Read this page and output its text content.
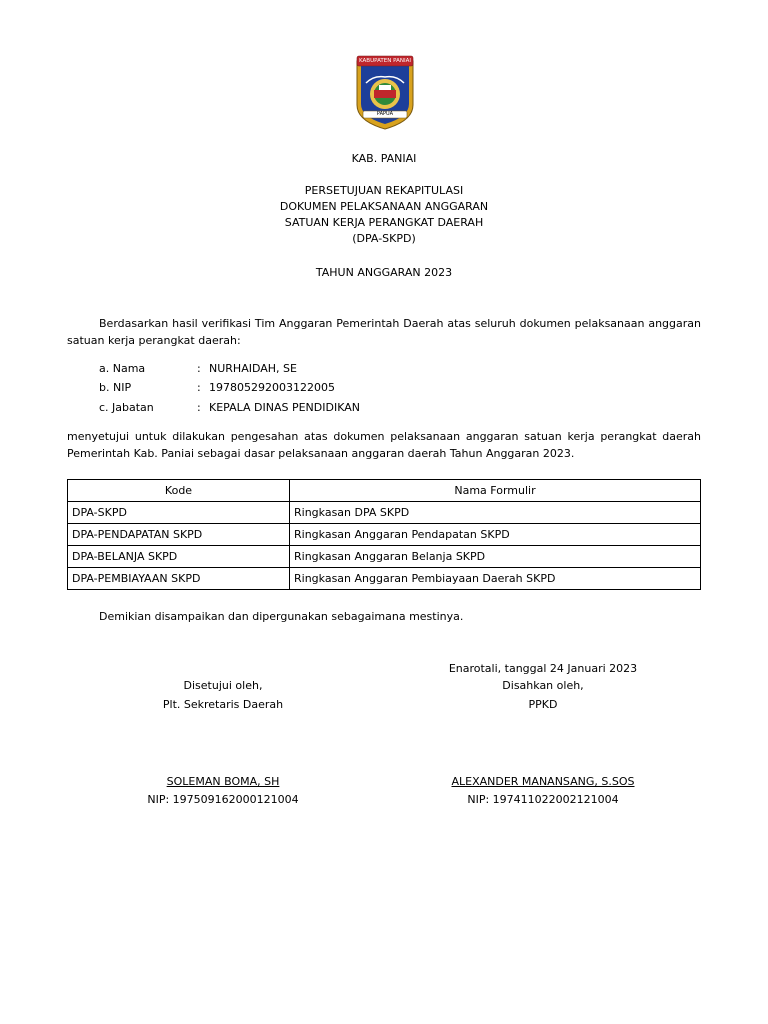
KABUPATEN PANIAI
PAPUA
KAB. PANIAI
PERSETUJUAN REKAPITULASI
DOKUMEN PELAKSANAAN ANGGARAN
SATUAN KERJA PERANGKAT DAERAH
(DPA-SKPD)
TAHUN ANGGARAN 2023
Berdasarkan hasil verifikasi Tim Anggaran Pemerintah Daerah atas seluruh dokumen pelaksanaan anggaran satuan kerja perangkat daerah:
a. Nama	: NURHAIDAH, SE
b. NIP	: 197805292003122005
c. Jabatan	: KEPALA DINAS PENDIDIKAN
menyetujui untuk dilakukan pengesahan atas dokumen pelaksanaan anggaran satuan kerja perangkat daerah Pemerintah Kab. Paniai sebagai dasar pelaksanaan anggaran daerah Tahun Anggaran 2023.
Kode	Nama Formulir
DPA-SKPD	Ringkasan DPA SKPD
DPA-PENDAPATAN SKPD	Ringkasan Anggaran Pendapatan SKPD
DPA-BELANJA SKPD	Ringkasan Anggaran Belanja SKPD
DPA-PEMBIAYAAN SKPD	Ringkasan Anggaran Pembiayaan Daerah SKPD
Demikian disampaikan dan dipergunakan sebagaimana mestinya.
Enarotali, tanggal 24 Januari 2023
Disetujui oleh,
Plt. Sekretaris Daerah
SOLEMAN BOMA, SH
NIP: 197509162000121004
Disahkan oleh,
PPKD
ALEXANDER MANANSANG, S.SOS
NIP: 197411022002121004
